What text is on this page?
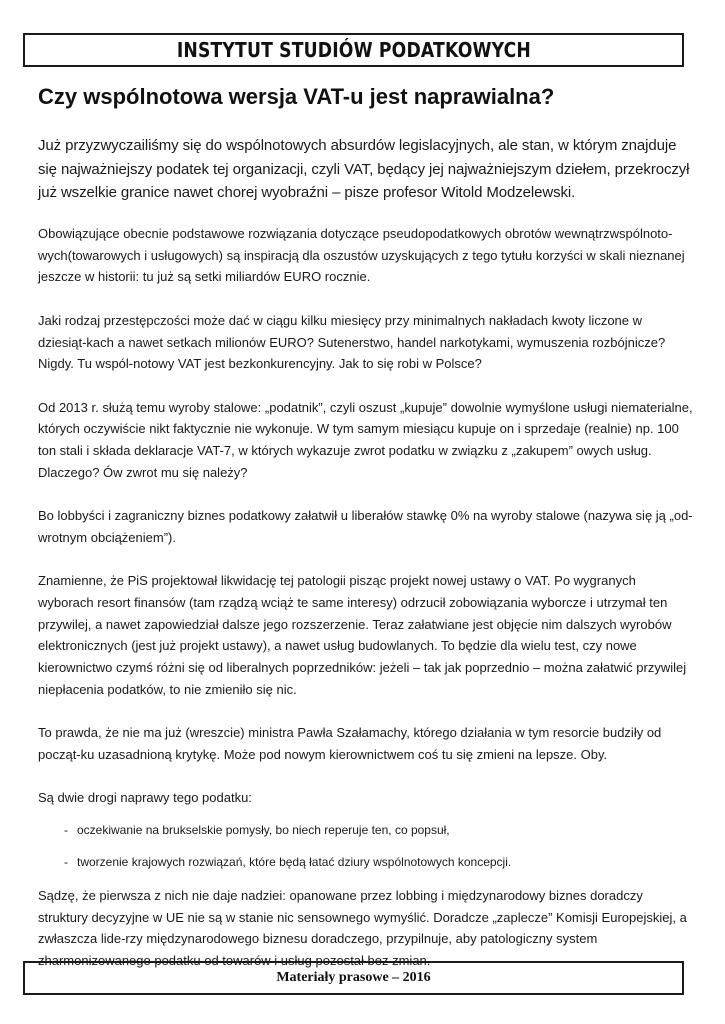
INSTYTUT STUDIÓW PODATKOWYCH
Czy wspólnotowa wersja VAT-u jest naprawialna?

Już przyzwyczailiśmy się do wspólnotowych absurdów legislacyjnych, ale stan, w którym znajduje się najważniejszy podatek tej organizacji, czyli VAT, będący jej najważniejszym dziełem, przekroczył już wszelkie granice nawet chorej wyobraźni – pisze profesor Witold Modzelewski.

Obowiązujące obecnie podstawowe rozwiązania dotyczące pseudopodatkowych obrotów wewnątrzwspólnoto-wych(towarowych i usługowych) są inspiracją dla oszustów uzyskujących z tego tytułu korzyści w skali nieznanej jeszcze w historii: tu już są setki miliardów EURO rocznie.

Jaki rodzaj przestępczości może dać w ciągu kilku miesięcy przy minimalnych nakładach kwoty liczone w dziesiąt-kach a nawet setkach milionów EURO? Sutenerstwo, handel narkotykami, wymuszenia rozbójnicze? Nigdy. Tu wspól-notowy VAT jest bezkonkurencyjny. Jak to się robi w Polsce?

Od 2013 r. służą temu wyroby stalowe: „podatnik”, czyli oszust „kupuje” dowolnie wymyślone usługi niematerialne, których oczywiście nikt faktycznie nie wykonuje. W tym samym miesiącu kupuje on i sprzedaje (realnie) np. 100 ton stali i składa deklaracje VAT-7, w których wykazuje zwrot podatku w związku z „zakupem” owych usług. Dlaczego? Ów zwrot mu się należy?

Bo lobbyści i zagraniczny biznes podatkowy załatwił u liberałów stawkę 0% na wyroby stalowe (nazywa się ją „od-wrotnym obciążeniem”).

Znamienne, że PiS projektował likwidację tej patologii pisząc projekt nowej ustawy o VAT. Po wygranych wyborach resort finansów (tam rządzą wciąż te same interesy) odrzucił zobowiązania wyborcze i utrzymał ten przywilej, a nawet zapowiedział dalsze jego rozszerzenie. Teraz załatwiane jest objęcie nim dalszych wyrobów elektronicznych (jest już projekt ustawy), a nawet usług budowlanych. To będzie dla wielu test, czy nowe kierownictwo czymś różni się od liberalnych poprzedników: jeżeli – tak jak poprzednio – można załatwić przywilej niepłacenia podatków, to nie zmieniło się nic.

To prawda, że nie ma już (wreszcie) ministra Pawła Szałamachy, którego działania w tym resorcie budziły od począt-ku uzasadnioną krytykę. Może pod nowym kierownictwem coś tu się zmieni na lepsze. Oby.

Są dwie drogi naprawy tego podatku:

- oczekiwanie na brukselskie pomysły, bo niech reperuje ten, co popsuł,
- tworzenie krajowych rozwiązań, które będą łatać dziury wspólnotowych koncepcji.

Sądzę, że pierwsza z nich nie daje nadziei: opanowane przez lobbing i międzynarodowy biznes doradczy struktury decyzyjne w UE nie są w stanie nic sensownego wymyślić. Doradcze „zaplecze” Komisji Europejskiej, a zwłaszcza lide-rzy międzynarodowego biznesu doradczego, przypilnuje, aby patologiczny system zharmonizowanego podatku od towarów i usług pozostał bez zmian.

Materiały prasowe – 2016
